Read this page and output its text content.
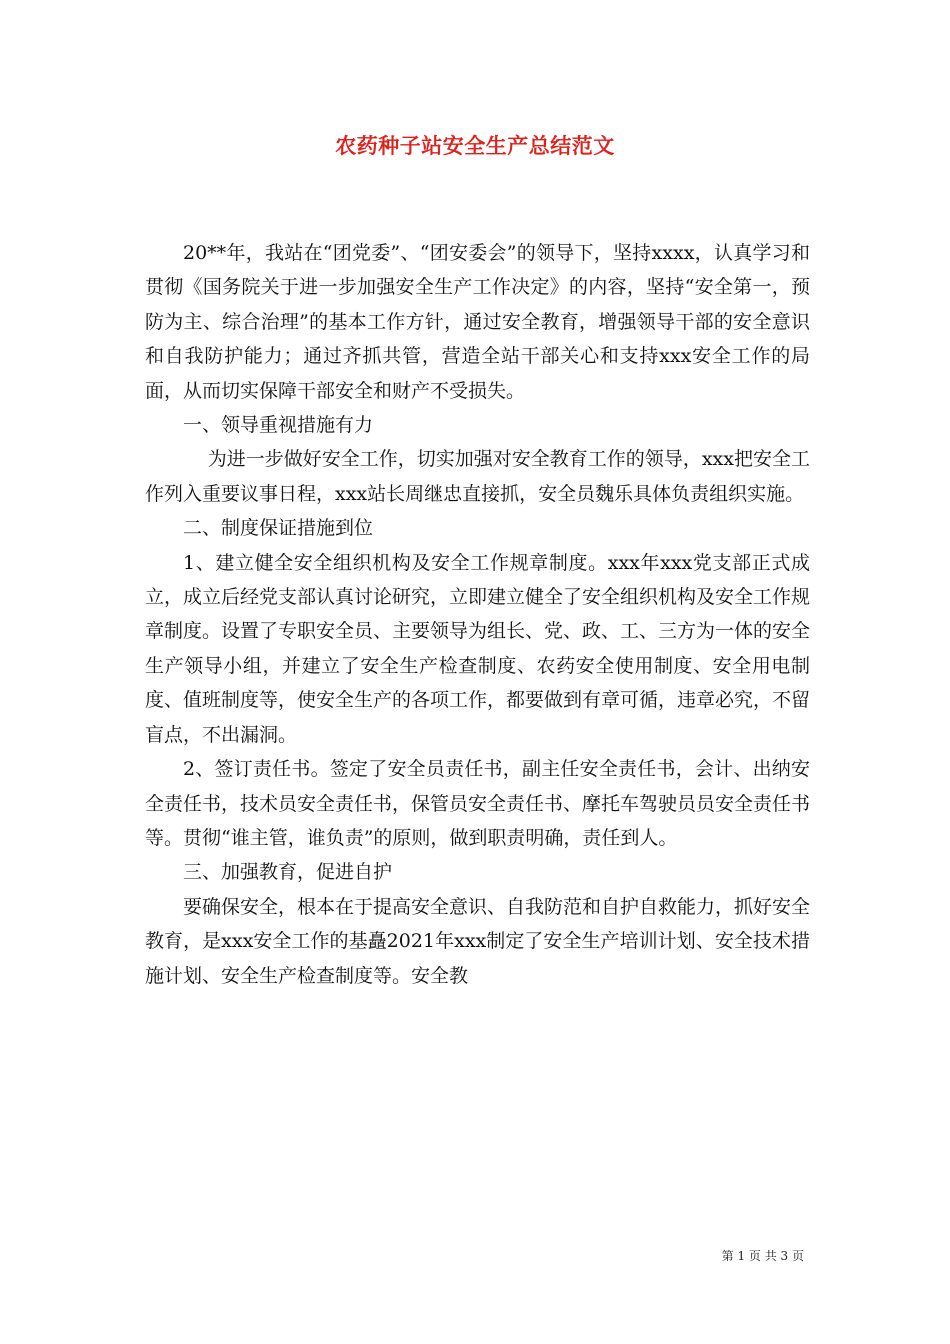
农药种子站安全生产总结范文

20**年，我站在“团党委”、“团安委会”的领导下，坚持xxxx，认真学习和贯彻《国务院关于进一步加强安全生产工作决定》的内容，坚持“安全第一，预防为主、综合治理”的基本工作方针，通过安全教育，增强领导干部的安全意识和自我防护能力；通过齐抓共管，营造全站干部关心和支持xxx安全工作的局面，从而切实保障干部安全和财产不受损失。

一、领导重视措施有力

为进一步做好安全工作，切实加强对安全教育工作的领导，xxx把安全工作列入重要议事日程，xxx站长周继忠直接抓，安全员魏乐具体负责组织实施。

二、制度保证措施到位

1、建立健全安全组织机构及安全工作规章制度。xxx年xxx党支部正式成立，成立后经党支部认真讨论研究，立即建立健全了安全组织机构及安全工作规章制度。设置了专职安全员、主要领导为组长、党、政、工、三方为一体的安全生产领导小组，并建立了安全生产检查制度、农药安全使用制度、安全用电制度、值班制度等，使安全生产的各项工作，都要做到有章可循，违章必究，不留盲点，不出漏洞。

2、签订责任书。签定了安全员责任书，副主任安全责任书，会计、出纳安全责任书，技术员安全责任书，保管员安全责任书、摩托车驾驶员员安全责任书等。贯彻“谁主管，谁负责”的原则，做到职责明确，责任到人。

三、加强教育，促进自护

要确保安全，根本在于提高安全意识、自我防范和自护自救能力，抓好安全教育，是xxx安全工作的基矗2021年xxx制定了安全生产培训计划、安全技术措施计划、安全生产检查制度等。安全教

第 1 页 共 3 页
